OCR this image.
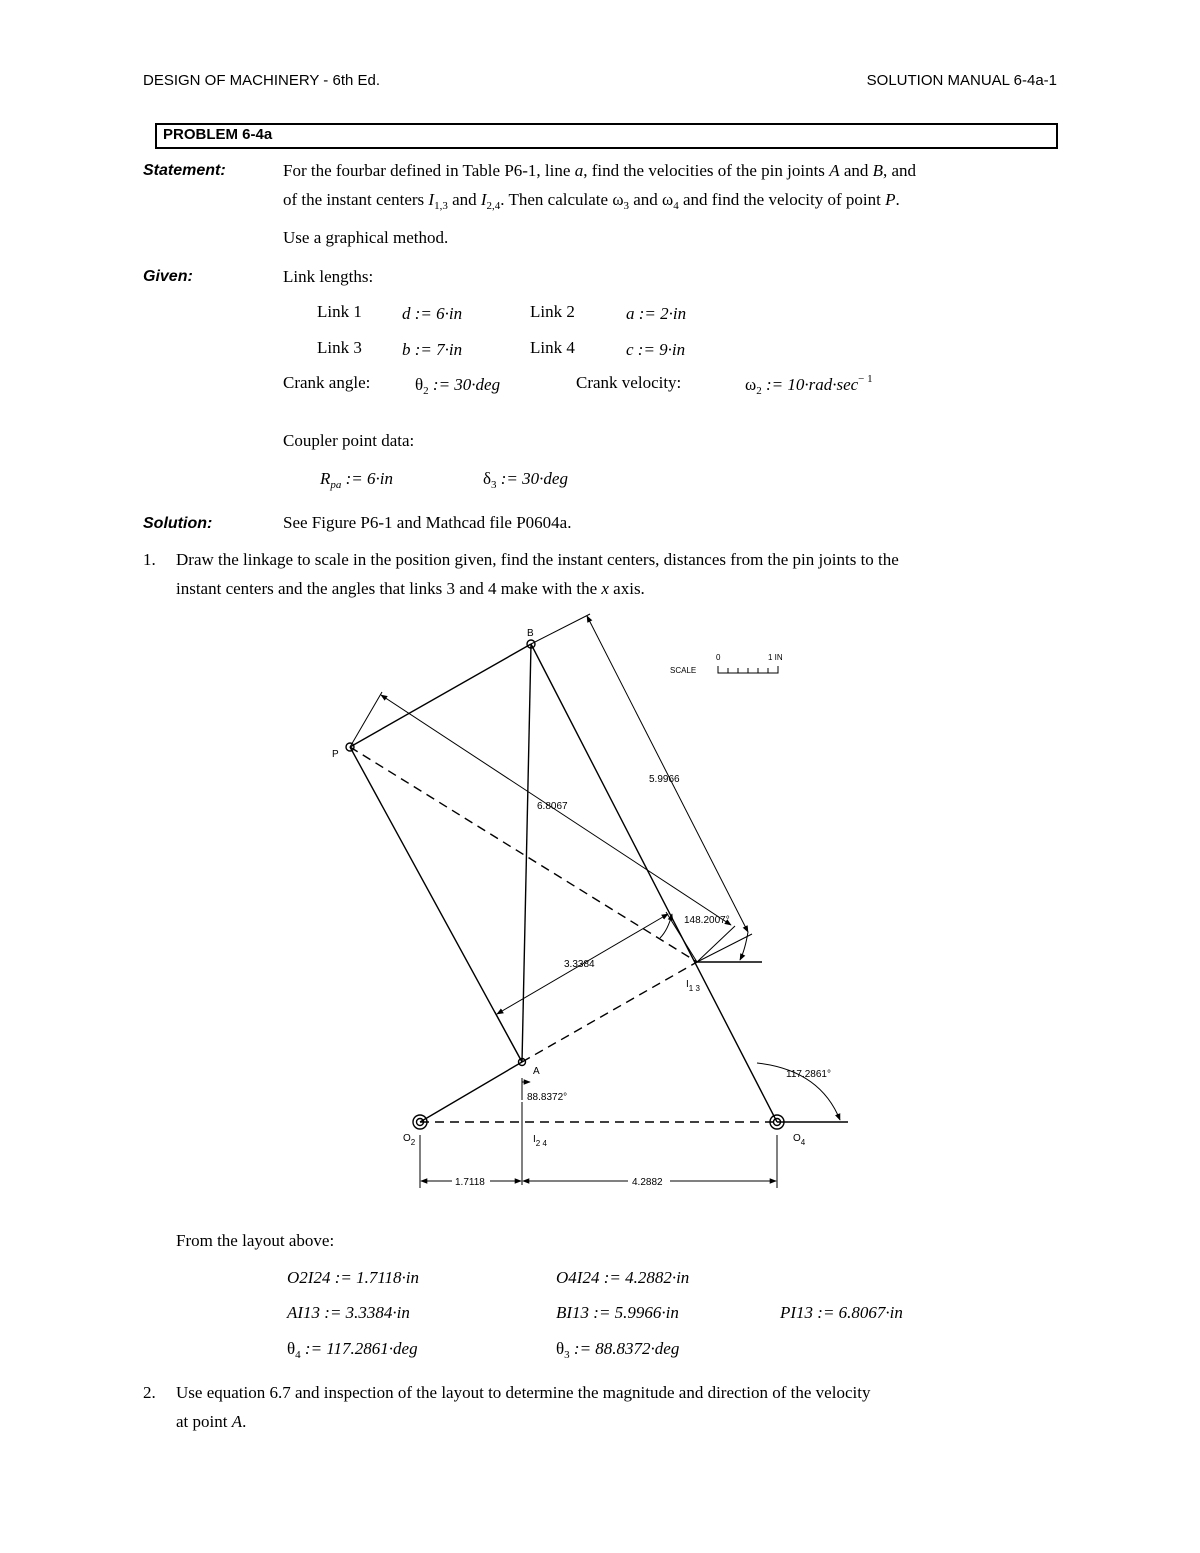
DESIGN OF MACHINERY - 6th Ed.	SOLUTION MANUAL 6-4a-1
PROBLEM 6-4a
Statement:	For the fourbar defined in Table P6-1, line a, find the velocities of the pin joints A and B, and
of the instant centers $I_{1,3}$ and $I_{2,4}$. Then calculate $\omega_3$ and $\omega_4$ and find the velocity of point P.
Use a graphical method.
Given:	Link lengths:
Link 1 d := 6·in	Link 2	a := 2·in
Link 3 b := 7·in	Link 4	c := 9·in
Crank angle:	$\theta_2$ := 30·deg	Crank velocity:	$\omega_2$ := $10\cdot rad\cdot\sec^{- 1}$
Coupler point data:
$R_{pa}$ := 6·in	$\delta_3$ := 30·deg
Solution:	See Figure P6-1 and Mathcad file P0604a.
1. Draw the linkage to scale in the position given, find the instant centers, distances from the pin joints to the
instant centers and the angles that links 3 and 4 make with the x axis.
B
P
A
$O_2$	$O_4$
$I_{1 3}$
$I_{2 4}$
5.9966
6.8067
3.3384
148.2007°
117.2861°
88.8372°
1.7118	4.2882
SCALE
0	1 IN
From the layout above:
O2I24 := 1.7118·in	O4I24 := 4.2882·in
AI13 := 3.3384·in	BI13 := 5.9966·in	PI13 := 6.8067·in
$\theta_4$ := 117.2861·deg	$\theta_3$ := 88.8372·deg
2. Use equation 6.7 and inspection of the layout to determine the magnitude and direction of the velocity
at point A.
